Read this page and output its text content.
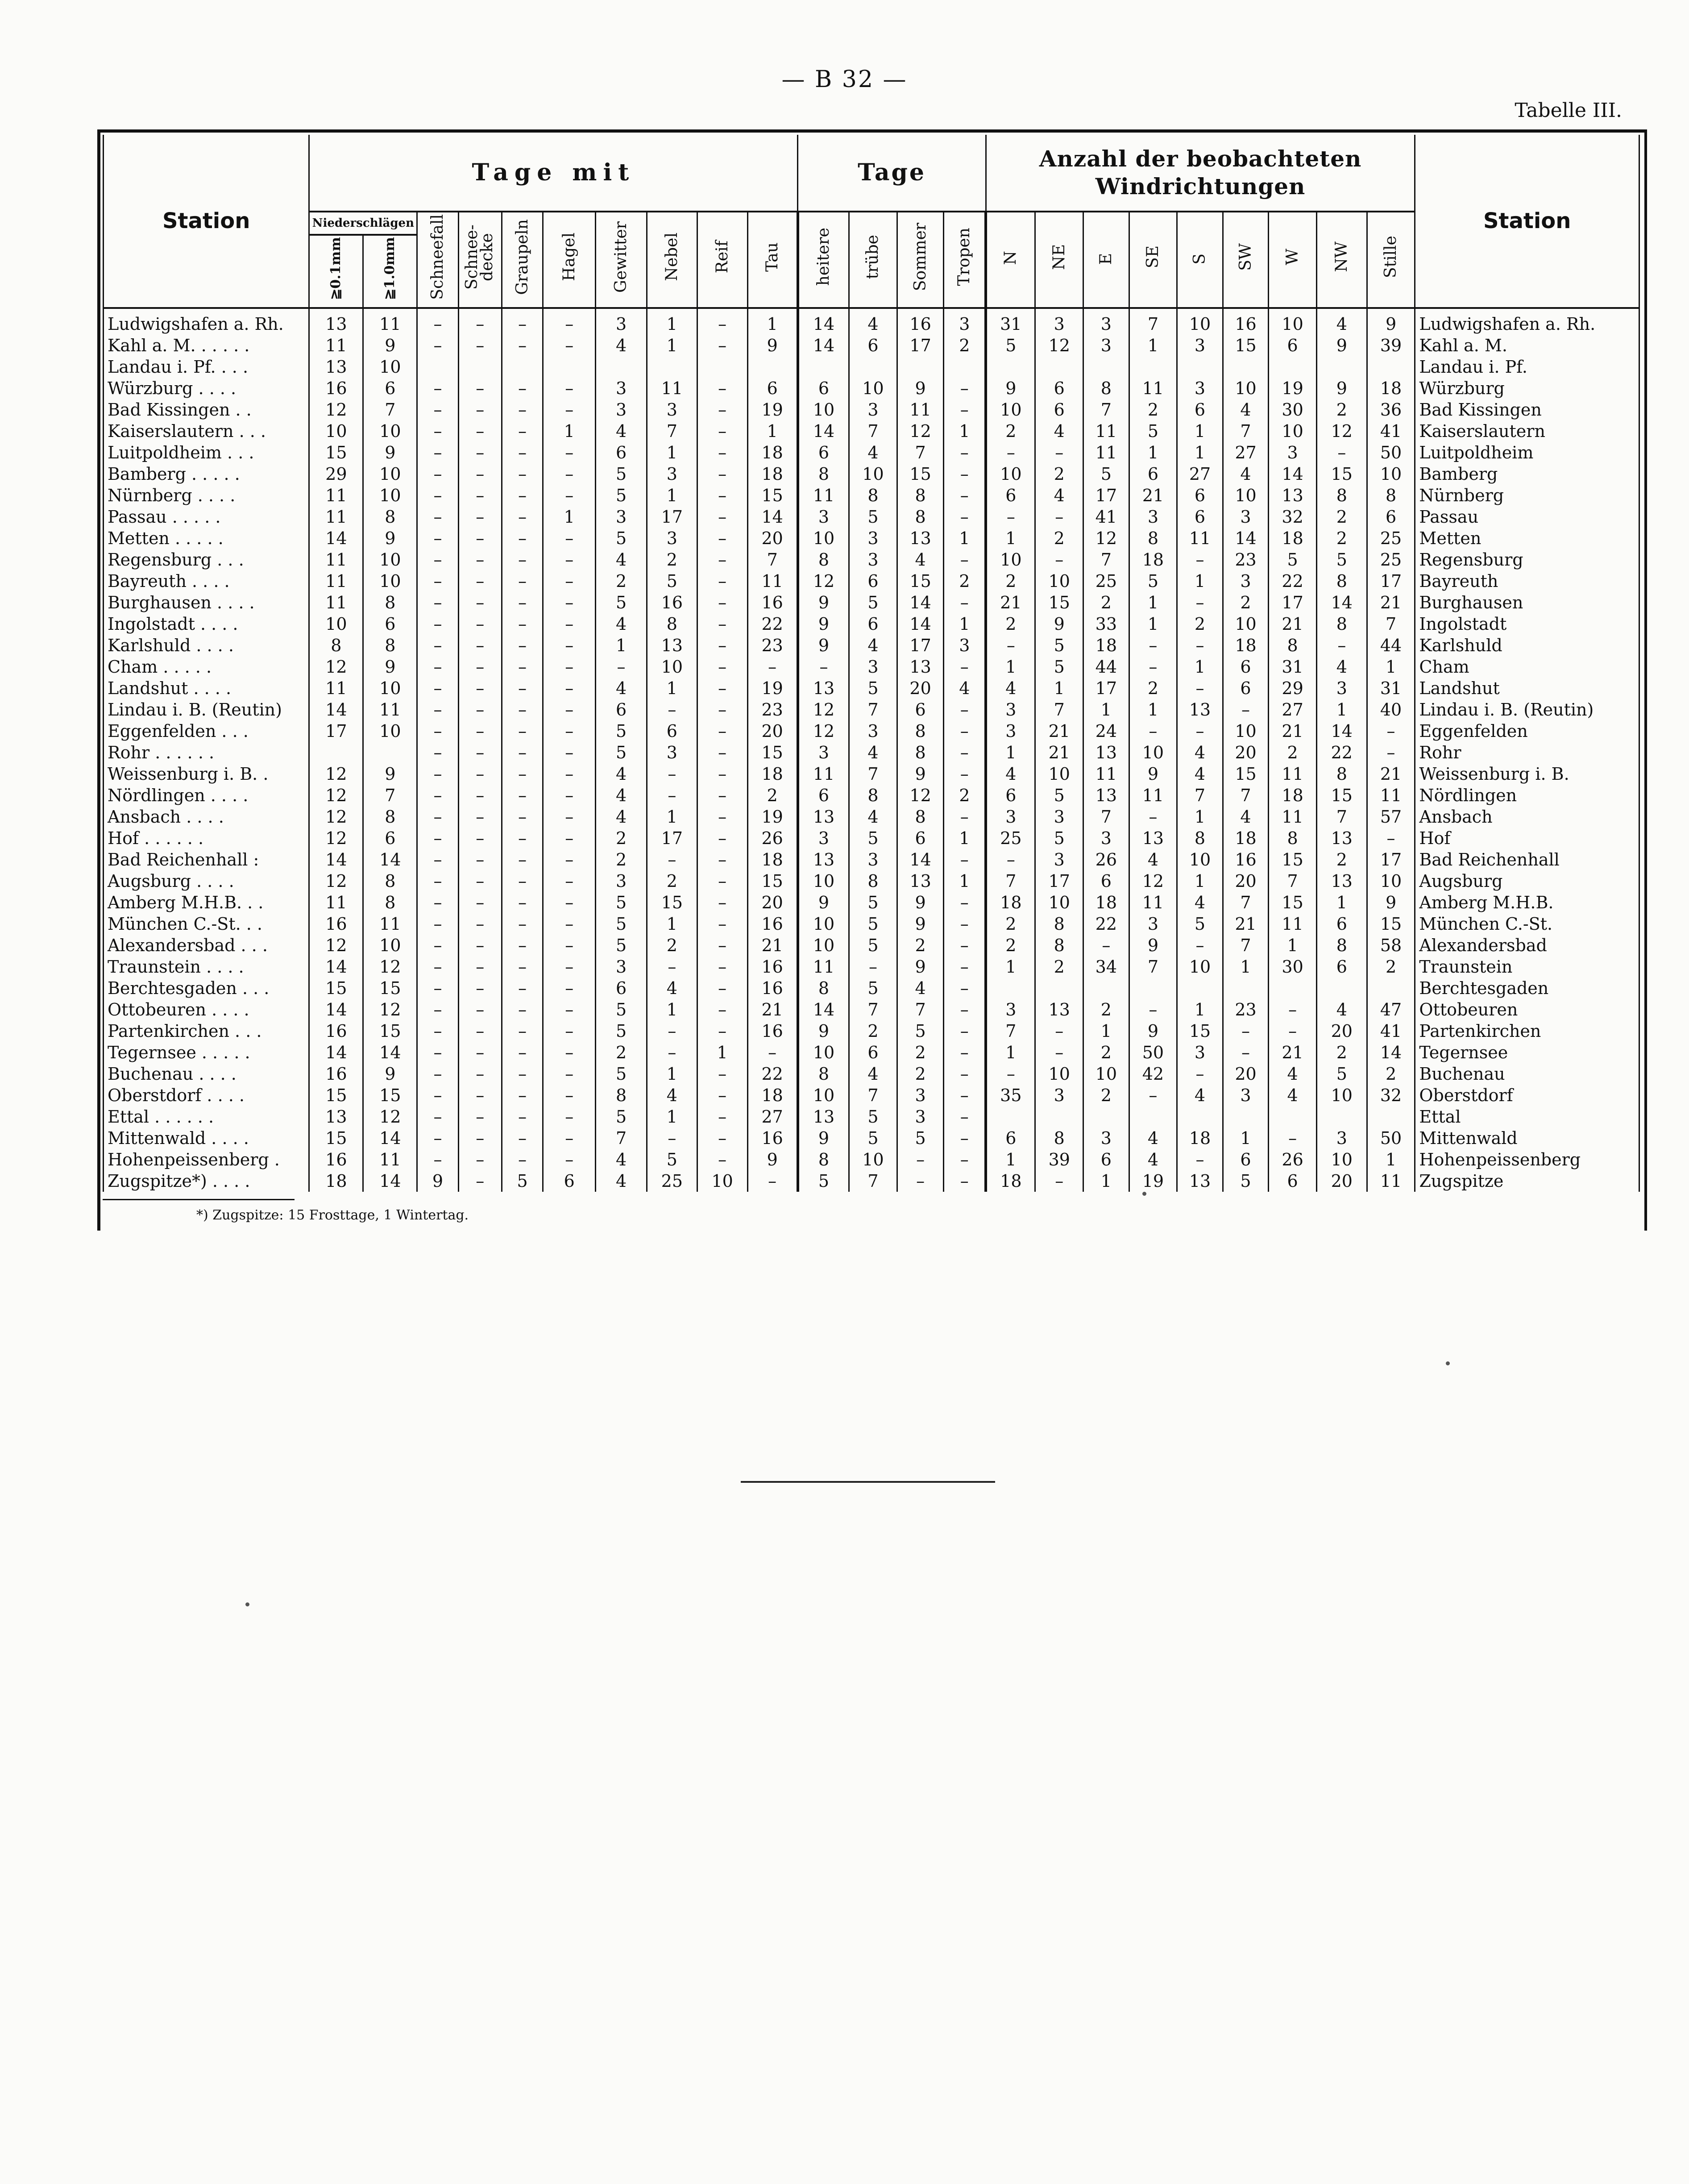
— B 32 —
Tabelle III.
Station	Tage mit										Tage				Anzahl der beobachteten
Windrichtungen									Station
	Niederschlägen		Schneefall	Schnee- decke	Graupeln	Hagel	Gewitter	Nebel	Reif	Tau	heitere	trübe	Sommer	Tropen	N	NE	E	SE	S	SW	W	NW	Stille	
	≧0.1mm	≧1.0mm																						
Ludwigshafen a. Rh.	13	11	–	–	–	–	3	1	–	1	14	4	16	3	31	3	3	7	10	16	10	4	9	Ludwigshafen a. Rh.
Kahl a. M. . . . . .	11	9	–	–	–	–	4	1	–	9	14	6	17	2	5	12	3	1	3	15	6	9	39	Kahl a. M.
Landau i. Pf. . . .	13	10																						Landau i. Pf.
Würzburg . . . .	16	6	–	–	–	–	3	11	–	6	6	10	9	–	9	6	8	11	3	10	19	9	18	Würzburg
Bad Kissingen . .	12	7	–	–	–	–	3	3	–	19	10	3	11	–	10	6	7	2	6	4	30	2	36	Bad Kissingen
Kaiserslautern . . .	10	10	–	–	–	1	4	7	–	1	14	7	12	1	2	4	11	5	1	7	10	12	41	Kaiserslautern
Luitpoldheim . . .	15	9	–	–	–	–	6	1	–	18	6	4	7	–	–	–	11	1	1	27	3	–	50	Luitpoldheim
Bamberg . . . . .	29	10	–	–	–	–	5	3	–	18	8	10	15	–	10	2	5	6	27	4	14	15	10	Bamberg
Nürnberg . . . .	11	10	–	–	–	–	5	1	–	15	11	8	8	–	6	4	17	21	6	10	13	8	8	Nürnberg
Passau . . . . .	11	8	–	–	–	1	3	17	–	14	3	5	8	–	–	–	41	3	6	3	32	2	6	Passau
Metten . . . . .	14	9	–	–	–	–	5	3	–	20	10	3	13	1	1	2	12	8	11	14	18	2	25	Metten
Regensburg . . .	11	10	–	–	–	–	4	2	–	7	8	3	4	–	10	–	7	18	–	23	5	5	25	Regensburg
Bayreuth . . . .	11	10	–	–	–	–	2	5	–	11	12	6	15	2	2	10	25	5	1	3	22	8	17	Bayreuth
Burghausen . . . .	11	8	–	–	–	–	5	16	–	16	9	5	14	–	21	15	2	1	–	2	17	14	21	Burghausen
Ingolstadt . . . .	10	6	–	–	–	–	4	8	–	22	9	6	14	1	2	9	33	1	2	10	21	8	7	Ingolstadt
Karlshuld . . . .	8	8	–	–	–	–	1	13	–	23	9	4	17	3	–	5	18	–	–	18	8	–	44	Karlshuld
Cham . . . . .	12	9	–	–	–	–	–	10	–	–	–	3	13	–	1	5	44	–	1	6	31	4	1	Cham
Landshut . . . .	11	10	–	–	–	–	4	1	–	19	13	5	20	4	4	1	17	2	–	6	29	3	31	Landshut
Lindau i. B. (Reutin)	14	11	–	–	–	–	6	–	–	23	12	7	6	–	3	7	1	1	13	–	27	1	40	Lindau i. B. (Reutin)
Eggenfelden . . .	17	10	–	–	–	–	5	6	–	20	12	3	8	–	3	21	24	–	–	10	21	14	–	Eggenfelden
Rohr . . . . . .			–	–	–	–	5	3	–	15	3	4	8	–	1	21	13	10	4	20	2	22	–	Rohr
Weissenburg i. B. .	12	9	–	–	–	–	4	–	–	18	11	7	9	–	4	10	11	9	4	15	11	8	21	Weissenburg i. B.
Nördlingen . . . .	12	7	–	–	–	–	4	–	–	2	6	8	12	2	6	5	13	11	7	7	18	15	11	Nördlingen
Ansbach . . . .	12	8	–	–	–	–	4	1	–	19	13	4	8	–	3	3	7	–	1	4	11	7	57	Ansbach
Hof . . . . . .	12	6	–	–	–	–	2	17	–	26	3	5	6	1	25	5	3	13	8	18	8	13	–	Hof
Bad Reichenhall :	14	14	–	–	–	–	2	–	–	18	13	3	14	–	–	3	26	4	10	16	15	2	17	Bad Reichenhall
Augsburg . . . .	12	8	–	–	–	–	3	2	–	15	10	8	13	1	7	17	6	12	1	20	7	13	10	Augsburg
Amberg M.H.B. . .	11	8	–	–	–	–	5	15	–	20	9	5	9	–	18	10	18	11	4	7	15	1	9	Amberg M.H.B.
München C.-St. . .	16	11	–	–	–	–	5	1	–	16	10	5	9	–	2	8	22	3	5	21	11	6	15	München C.-St.
Alexandersbad . . .	12	10	–	–	–	–	5	2	–	21	10	5	2	–	2	8	–	9	–	7	1	8	58	Alexandersbad
Traunstein . . . .	14	12	–	–	–	–	3	–	–	16	11	–	9	–	1	2	34	7	10	1	30	6	2	Traunstein
Berchtesgaden . . .	15	15	–	–	–	–	6	4	–	16	8	5	4	–										Berchtesgaden
Ottobeuren . . . .	14	12	–	–	–	–	5	1	–	21	14	7	7	–	3	13	2	–	1	23	–	4	47	Ottobeuren
Partenkirchen . . .	16	15	–	–	–	–	5	–	–	16	9	2	5	–	7	–	1	9	15	–	–	20	41	Partenkirchen
Tegernsee . . . . .	14	14	–	–	–	–	2	–	1	–	10	6	2	–	1	–	2	50	3	–	21	2	14	Tegernsee
Buchenau . . . .	16	9	–	–	–	–	5	1	–	22	8	4	2	–	–	10	10	42	–	20	4	5	2	Buchenau
Oberstdorf . . . .	15	15	–	–	–	–	8	4	–	18	10	7	3	–	35	3	2	–	4	3	4	10	32	Oberstdorf
Ettal . . . . . .	13	12	–	–	–	–	5	1	–	27	13	5	3	–										Ettal
Mittenwald . . . .	15	14	–	–	–	–	7	–	–	16	9	5	5	–	6	8	3	4	18	1	–	3	50	Mittenwald
Hohenpeissenberg .	16	11	–	–	–	–	4	5	–	9	8	10	–	–	1	39	6	4	–	6	26	10	1	Hohenpeissenberg
Zugspitze*) . . . .	18	14	9	–	5	6	4	25	10	–	5	7	–	–	18	–	1	19	13	5	6	20	11	Zugspitze
*) Zugspitze: 15 Frosttage, 1 Wintertag.
